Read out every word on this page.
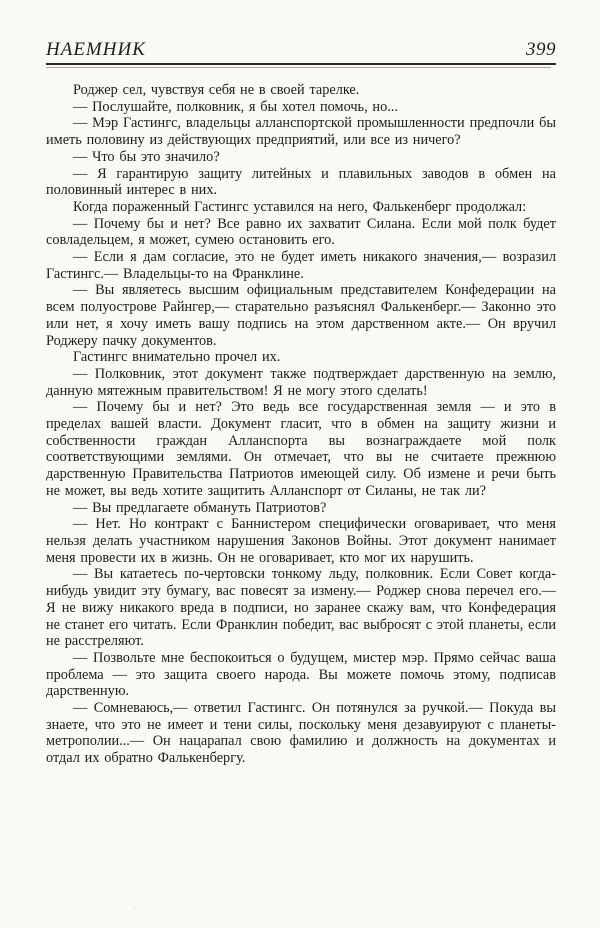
НАЕМНИК	399

Роджер сел, чувствуя себя не в своей тарелке.

— Послушайте, полковник, я бы хотел помочь, но...

— Мэр Гастингс, владельцы алланспортской промышленности предпочли бы иметь половину из действующих предприятий, или все из ничего?

— Что бы это значило?

— Я гарантирую защиту литейных и плавильных заводов в обмен на половинный интерес в них.

Когда пораженный Гастингс уставился на него, Фалькенберг продолжал:

— Почему бы и нет? Все равно их захватит Силана. Если мой полк будет совладельцем, я может, сумею остановить его.

— Если я дам согласие, это не будет иметь никакого значения,— возразил Гастингс.— Владельцы-то на Франклине.

— Вы являетесь высшим официальным представителем Конфедерации на всем полуострове Райнгер,— старательно разъяснял Фалькенберг.— Законно это или нет, я хочу иметь вашу подпись на этом дарственном акте.— Он вручил Роджеру пачку документов.

Гастингс внимательно прочел их.

— Полковник, этот документ также подтверждает дарственную на землю, данную мятежным правительством! Я не могу этого сделать!

— Почему бы и нет? Это ведь все государственная земля — и это в пределах вашей власти. Документ гласит, что в обмен на защиту жизни и собственности граждан Алланспорта вы вознаграждаете мой полк соответствующими землями. Он отмечает, что вы не считаете прежнюю дарственную Правительства Патриотов имеющей силу. Об измене и речи быть не может, вы ведь хотите защитить Алланспорт от Силаны, не так ли?

— Вы предлагаете обмануть Патриотов?

— Нет. Но контракт с Баннистером специфически оговаривает, что меня нельзя делать участником нарушения Законов Войны. Этот документ нанимает меня провести их в жизнь. Он не оговаривает, кто мог их нарушить.

— Вы катаетесь по-чертовски тонкому льду, полковник. Если Совет когда-нибудь увидит эту бумагу, вас повесят за измену.— Роджер снова перечел его.— Я не вижу никакого вреда в подписи, но заранее скажу вам, что Конфедерация не станет его читать. Если Франклин победит, вас выбросят с этой планеты, если не расстреляют.

— Позвольте мне беспокоиться о будущем, мистер мэр. Прямо сейчас ваша проблема — это защита своего народа. Вы можете помочь этому, подписав дарственную.

— Сомневаюсь,— ответил Гастингс. Он потянулся за ручкой.— Покуда вы знаете, что это не имеет и тени силы, поскольку меня дезавуируют с планеты-метрополии...— Он нацарапал свою фамилию и должность на документах и отдал их обратно Фалькенбергу.
